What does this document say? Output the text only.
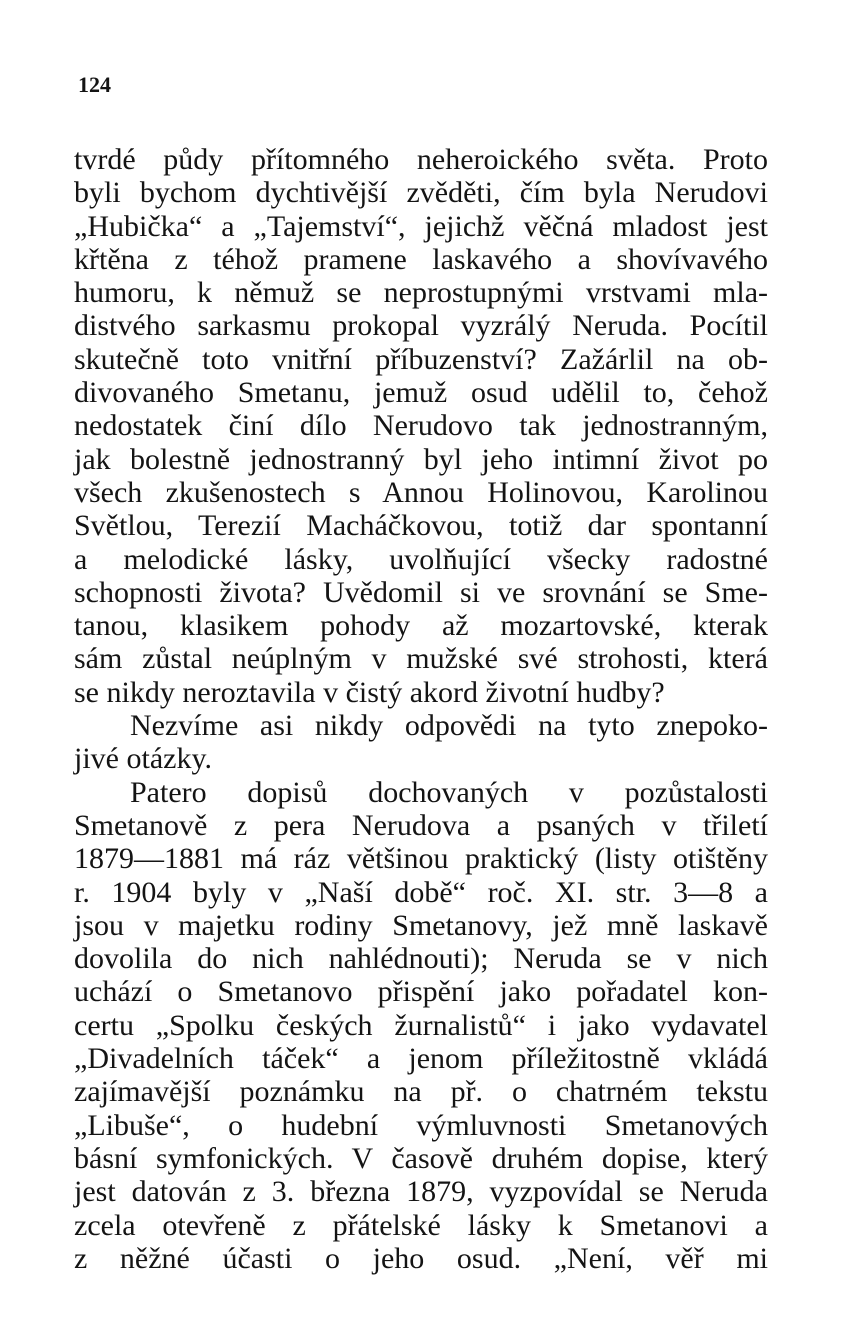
124
tvrdé půdy přítomného neheroického světa. Proto
byli bychom dychtivější zvěděti, čím byla Nerudovi
„Hubička“ a „Tajemství“, jejichž věčná mladost jest
křtěna z téhož pramene laskavého a shovívavého
humoru, k němuž se neprostupnými vrstvami mla-
distvého sarkasmu prokopal vyzrálý Neruda. Pocítil
skutečně toto vnitřní příbuzenství? Zažárlil na ob-
divovaného Smetanu, jemuž osud udělil to, čehož
nedostatek činí dílo Nerudovo tak jednostranným,
jak bolestně jednostranný byl jeho intimní život po
všech zkušenostech s Annou Holinovou, Karolinou
Světlou, Terezií Macháčkovou, totiž dar spontanní
a melodické lásky, uvolňující všecky radostné
schopnosti života? Uvědomil si ve srovnání se Sme-
tanou, klasikem pohody až mozartovské, kterak
sám zůstal neúplným v mužské své strohosti, která
se nikdy neroztavila v čistý akord životní hudby?
Nezvíme asi nikdy odpovědi na tyto znepoko-
jivé otázky.
Patero dopisů dochovaných v pozůstalosti
Smetanově z pera Nerudova a psaných v třiletí
1879—1881 má ráz většinou praktický (listy otištěny
r. 1904 byly v „Naší době“ roč. XI. str. 3—8 a
jsou v majetku rodiny Smetanovy, jež mně laskavě
dovolila do nich nahlédnouti); Neruda se v nich
uchází o Smetanovo přispění jako pořadatel kon-
certu „Spolku českých žurnalistů“ i jako vydavatel
„Divadelních táček“ a jenom příležitostně vkládá
zajímavější poznámku na př. o chatrném tekstu
„Libuše“, o hudební výmluvnosti Smetanových
básní symfonických. V časově druhém dopise, který
jest datován z 3. března 1879, vyzpovídal se Neruda
zcela otevřeně z přátelské lásky k Smetanovi a
z něžné účasti o jeho osud. „Není, věř mi
